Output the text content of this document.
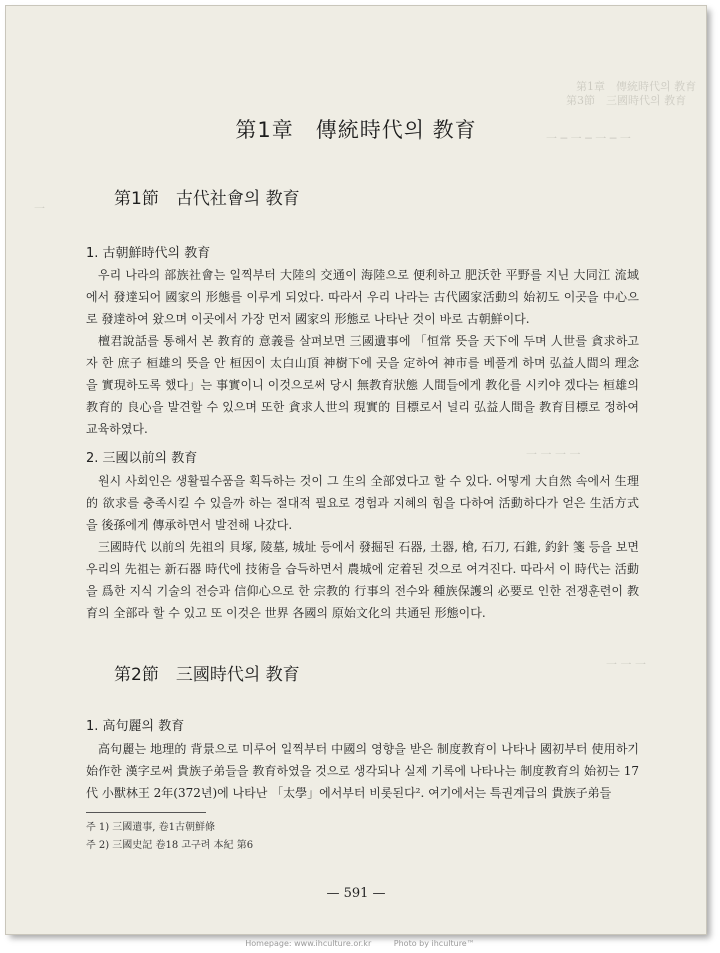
第1章　傳統時代의 教育
第3節　三國時代의 教育
一 ─ 一 ─ 一 ─ 一
一
一 一 一 一
一 一 一
第1章　傳統時代의 教育
第1節　古代社會의 教育
1. 古朝鮮時代의 教育

우리 나라의 部族社會는 일찍부터 大陸의 交通이 海陸으로 便利하고 肥沃한 平野를 지닌 大同江 流域에서 發達되어 國家의 形態를 이루게 되었다. 따라서 우리 나라는 古代國家活動의 始初도 이곳을 中心으로 發達하여 왔으며 이곳에서 가장 먼저 國家의 形態로 나타난 것이 바로 古朝鮮이다.

檀君說話를 통해서 본 教育的 意義를 살펴보면 三國遺事에 「恒常 뜻을 天下에 두며 人世를 貪求하고자 한 庶子 桓雄의 뜻을 안 桓因이 太白山頂 神樹下에 곳을 定하여 神市를 베풀게 하며 弘益人間의 理念을 實現하도록 했다」는 事實이니 이것으로써 당시 無教育狀態 人間들에게 教化를 시키야 겠다는 桓雄의 教育的 良心을 발견할 수 있으며 또한 貪求人世의 現實的 目標로서 널리 弘益人間을 教育目標로 정하여 교육하였다.

2. 三國以前의 教育

원시 사회인은 생활필수품을 획득하는 것이 그 生의 全部였다고 할 수 있다. 어떻게 大自然 속에서 生理的 欲求를 충족시킬 수 있을까 하는 절대적 필요로 경험과 지혜의 힘을 다하여 活動하다가 얻은 生活方式을 後孫에게 傳承하면서 발전해 나갔다.

三國時代 以前의 先祖의 貝塚, 陵墓, 城址 등에서 發掘된 石器, 土器, 槍, 石刀, 石錐, 釣針 箋 등을 보면 우리의 先祖는 新石器 時代에 技術을 습득하면서 農城에 定着된 것으로 여겨진다. 따라서 이 時代는 活動을 爲한 지식 기술의 전승과 信仰心으로 한 宗教的 行事의 전수와 種族保護의 必要로 인한 전쟁훈련이 教育의 全部라 할 수 있고 또 이것은 世界 各國의 原始文化의 共通된 形態이다.

第2節　三國時代의 教育
1. 高句麗의 教育

高句麗는 地理的 背景으로 미루어 일찍부터 中國의 영향을 받은 制度教育이 나타나 國初부터 使用하기 始作한 漢字로써 貴族子弟들을 教育하였을 것으로 생각되나 실제 기록에 나타나는 制度教育의 始初는 17代 小獸林王 2年(372년)에 나타난 「太學」에서부터 비롯된다². 여기에서는 특권계급의 貴族子弟들

주 1) 三國遺事, 卷1古朝鮮條
주 2) 三國史記 卷18 고구려 本紀 第6
— 591 —
Homepage: www.ihculture.or.kr	Photo by ihculture™
